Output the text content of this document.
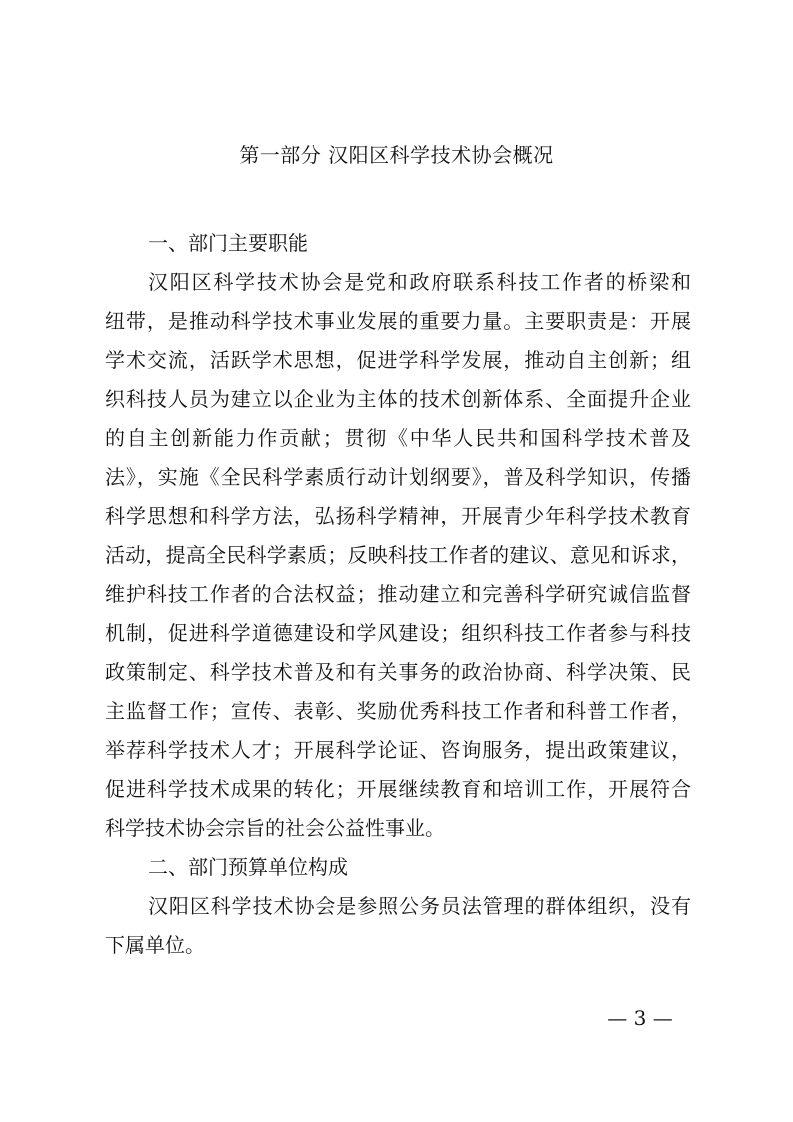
第一部分 汉阳区科学技术协会概况
一、部门主要职能
汉阳区科学技术协会是党和政府联系科技工作者的桥梁和
纽带，是推动科学技术事业发展的重要力量。主要职责是：开展
学术交流，活跃学术思想，促进学科学发展，推动自主创新；组
织科技人员为建立以企业为主体的技术创新体系、全面提升企业
的自主创新能力作贡献；贯彻《中华人民共和国科学技术普及
法》，实施《全民科学素质行动计划纲要》，普及科学知识，传播
科学思想和科学方法，弘扬科学精神，开展青少年科学技术教育
活动，提高全民科学素质；反映科技工作者的建议、意见和诉求，
维护科技工作者的合法权益；推动建立和完善科学研究诚信监督
机制，促进科学道德建设和学风建设；组织科技工作者参与科技
政策制定、科学技术普及和有关事务的政治协商、科学决策、民
主监督工作；宣传、表彰、奖励优秀科技工作者和科普工作者，
举荐科学技术人才；开展科学论证、咨询服务，提出政策建议，
促进科学技术成果的转化；开展继续教育和培训工作，开展符合
科学技术协会宗旨的社会公益性事业。
二、部门预算单位构成
汉阳区科学技术协会是参照公务员法管理的群体组织，没有
下属单位。
— 3 —
